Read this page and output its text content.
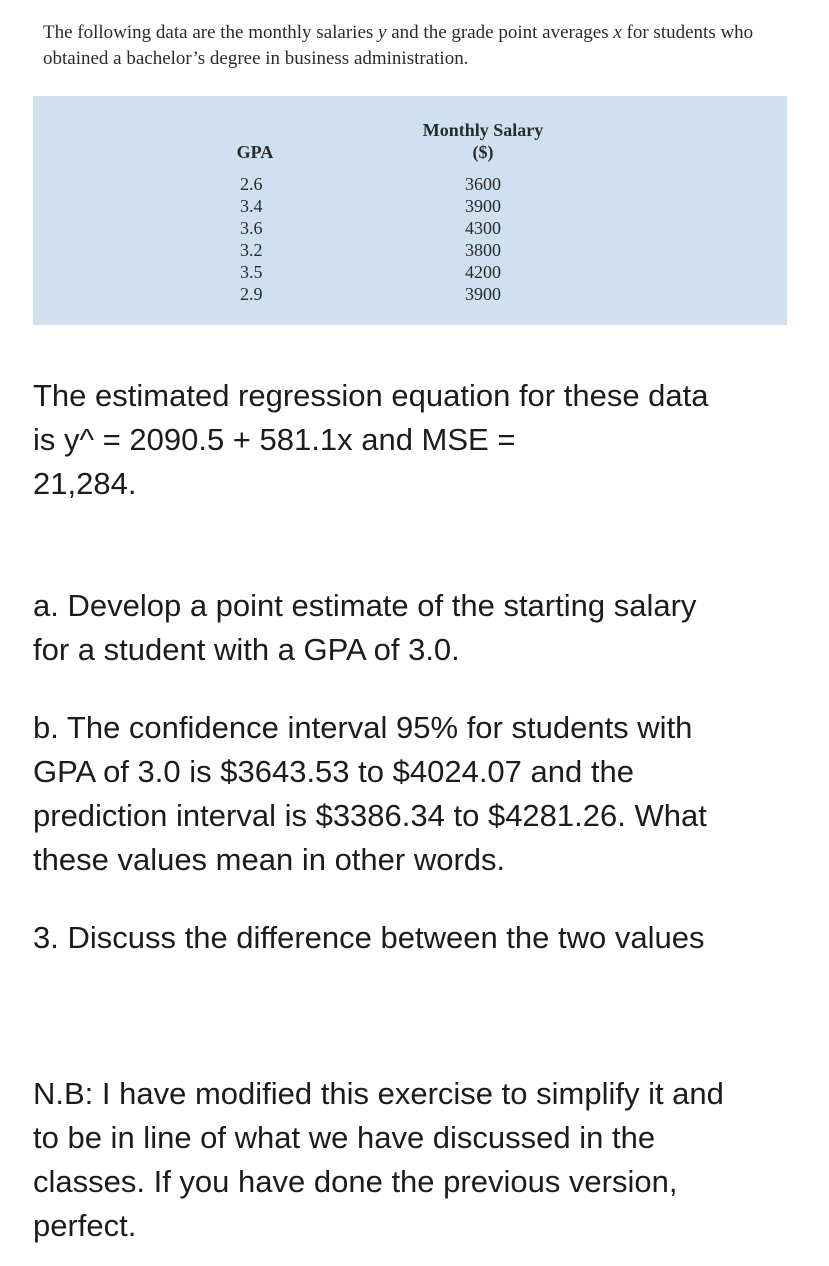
The following data are the monthly salaries y and the grade point averages x for students who obtained a bachelor’s degree in business administration.
GPA
2.6
3.4
3.6
3.2
3.5
2.9
Monthly Salary
($)
3600
3900
4300
3800
4200
3900

The estimated regression equation for these data

is y^ = 2090.5 + 581.1x and MSE =

21,284.

a. Develop a point estimate of the starting salary

for a student with a GPA of 3.0.

b. The confidence interval 95% for students with

GPA of 3.0 is $3643.53 to $4024.07 and the

prediction interval is $3386.34 to $4281.26. What

these values mean in other words.

3. Discuss the difference between the two values

N.B: I have modified this exercise to simplify it and

to be in line of what we have discussed in the

classes. If you have done the previous version,

perfect.
